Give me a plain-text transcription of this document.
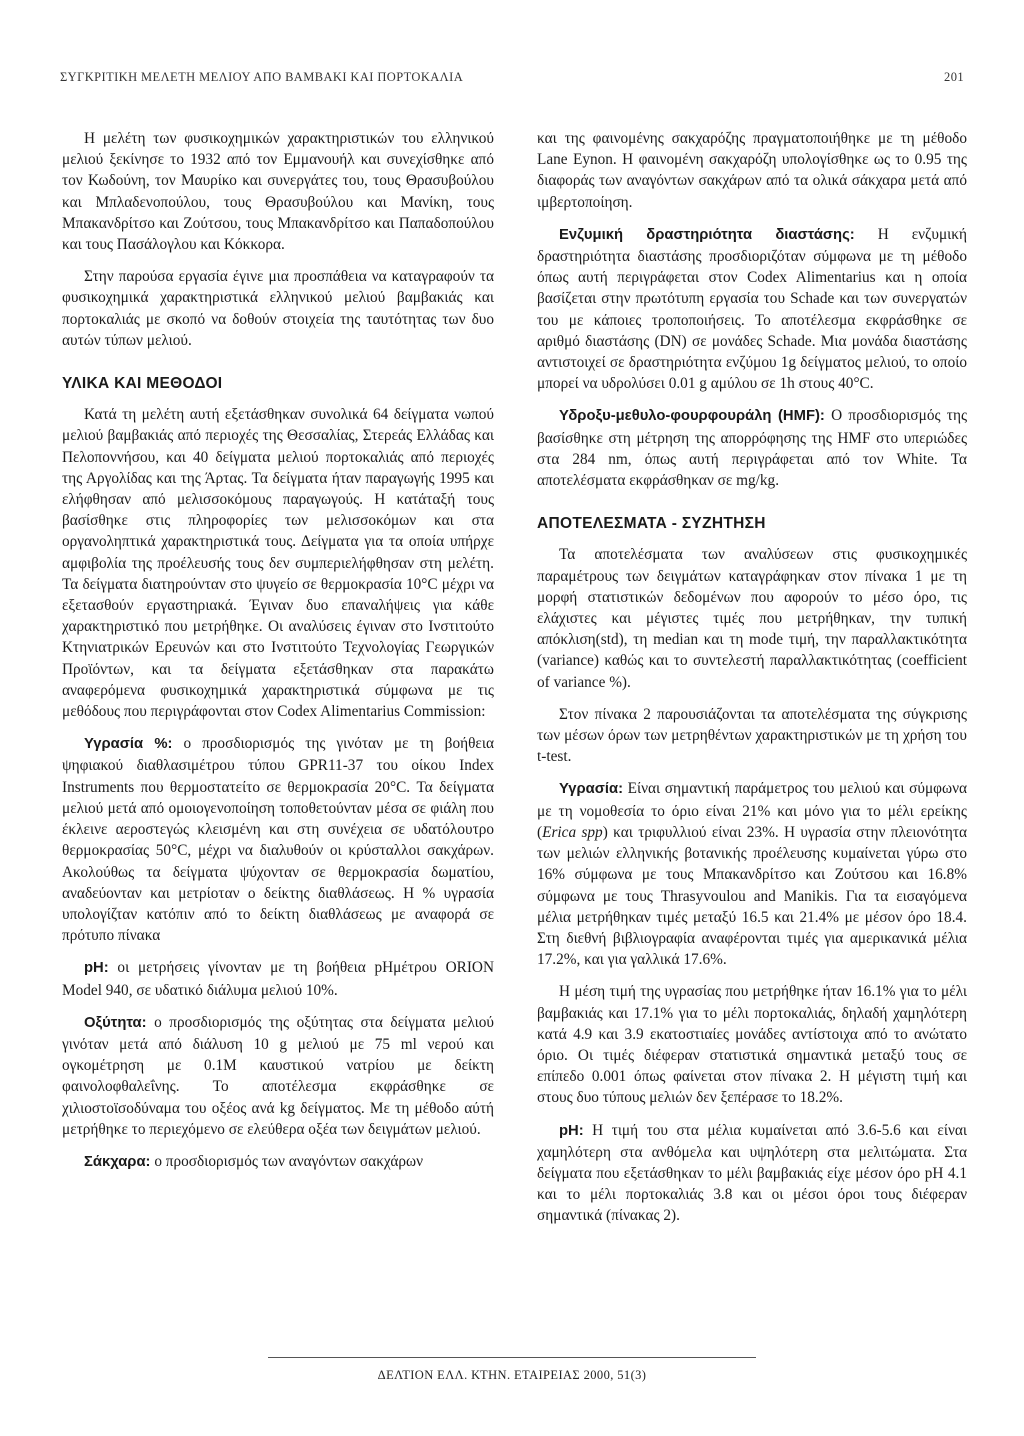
ΣΥΓΚΡΙΤΙΚΗ ΜΕΛΕΤΗ ΜΕΛΙΟΥ ΑΠΟ ΒΑΜΒΑΚΙ ΚΑΙ ΠΟΡΤΟΚΑΛΙΑ	201

Η μελέτη των φυσικοχημικών χαρακτηριστικών του ελληνικού μελιού ξεκίνησε το 1932 από τον Εμμανουήλ και συνεχίσθηκε από τον Κωδούνη, τον Μαυρίκο και συνεργάτες του, τους Θρασυβούλου και Μπλαδενοπούλου, τους Θρασυβούλου και Μανίκη, τους Μπακανδρίτσο και Ζούτσου, τους Μπακανδρίτσο και Παπαδοπούλου και τους Πασάλογλου και Κόκκορα.

Στην παρούσα εργασία έγινε μια προσπάθεια να καταγραφούν τα φυσικοχημικά χαρακτηριστικά ελληνικού μελιού βαμβακιάς και πορτοκαλιάς με σκοπό να δοθούν στοιχεία της ταυτότητας των δυο αυτών τύπων μελιού.

ΥΛΙΚΑ ΚΑΙ ΜΕΘΟΔΟΙ

Κατά τη μελέτη αυτή εξετάσθηκαν συνολικά 64 δείγματα νωπού μελιού βαμβακιάς από περιοχές της Θεσσαλίας, Στερεάς Ελλάδας και Πελοποννήσου, και 40 δείγματα μελιού πορτοκαλιάς από περιοχές της Αργολίδας και της Άρτας. Τα δείγματα ήταν παραγωγής 1995 και ελήφθησαν από μελισσοκόμους παραγωγούς. Η κατάταξή τους βασίσθηκε στις πληροφορίες των μελισσοκόμων και στα οργανοληπτικά χαρακτηριστικά τους. Δείγματα για τα οποία υπήρχε αμφιβολία της προέλευσής τους δεν συμπεριελήφθησαν στη μελέτη. Τα δείγματα διατηρούνταν στο ψυγείο σε θερμοκρασία 10°C μέχρι να εξετασθούν εργαστηριακά. Έγιναν δυο επαναλήψεις για κάθε χαρακτηριστικό που μετρήθηκε. Οι αναλύσεις έγιναν στο Ινστιτούτο Κτηνιατρικών Ερευνών και στο Ινστιτούτο Τεχνολογίας Γεωργικών Προϊόντων, και τα δείγματα εξετάσθηκαν στα παρακάτω αναφερόμενα φυσικοχημικά χαρακτηριστικά σύμφωνα με τις μεθόδους που περιγράφονται στον Codex Alimentarius Commission:

Υγρασία %: ο προσδιορισμός της γινόταν με τη βοήθεια ψηφιακού διαθλασιμέτρου τύπου GPR11-37 του οίκου Index Instruments που θερμοστατείτο σε θερμοκρασία 20°C. Τα δείγματα μελιού μετά από ομοιογενοποίηση τοποθετούνταν μέσα σε φιάλη που έκλεινε αεροστεγώς κλεισμένη και στη συνέχεια σε υδατόλουτρο θερμοκρασίας 50°C, μέχρι να διαλυθούν οι κρύσταλλοι σακχάρων. Ακολούθως τα δείγματα ψύχονταν σε θερμοκρασία δωματίου, αναδεύονταν και μετρίοταν ο δείκτης διαθλάσεως. Η % υγρασία υπολογίζταν κατόπιν από το δείκτη διαθλάσεως με αναφορά σε πρότυπο πίνακα

pH: οι μετρήσεις γίνονταν με τη βοήθεια pHμέτρου ORION Model 940, σε υδατικό διάλυμα μελιού 10%.

Οξύτητα: ο προσδιορισμός της οξύτητας στα δείγματα μελιού γινόταν μετά από διάλυση 10 g μελιού με 75 ml νερού και ογκομέτρηση με 0.1M καυστικού νατρίου με δείκτη φαινολοφθαλεΐνης. Το αποτέλεσμα εκφράσθηκε σε χιλιοστοϊσοδύναμα του οξέος ανά kg δείγματος. Με τη μέθοδο αύτή μετρήθηκε το περιεχόμενο σε ελεύθερα οξέα των δειγμάτων μελιού.

Σάκχαρα: ο προσδιορισμός των αναγόντων σακχάρων

και της φαινομένης σακχαρόζης πραγματοποιήθηκε με τη μέθοδο Lane Eynon. Η φαινομένη σακχαρόζη υπολογίσθηκε ως το 0.95 της διαφοράς των αναγόντων σακχάρων από τα ολικά σάκχαρα μετά από ιμβερτοποίηση.

Ενζυμική δραστηριότητα διαστάσης: Η ενζυμική δραστηριότητα διαστάσης προσδιοριζόταν σύμφωνα με τη μέθοδο όπως αυτή περιγράφεται στον Codex Alimentarius και η οποία βασίζεται στην πρωτότυπη εργασία του Schade και των συνεργατών του με κάποιες τροποποιήσεις. Το αποτέλεσμα εκφράσθηκε σε αριθμό διαστάσης (DN) σε μονάδες Schade. Μια μονάδα διαστάσης αντιστοιχεί σε δραστηριότητα ενζύμου 1g δείγματος μελιού, το οποίο μπορεί να υδρολύσει 0.01 g αμύλου σε 1h στους 40°C.

Υδροξυ-μεθυλο-φουρφουράλη (HMF): Ο προσδιορισμός της βασίσθηκε στη μέτρηση της απορρόφησης της HMF στο υπεριώδες στα 284 nm, όπως αυτή περιγράφεται από τον White. Τα αποτελέσματα εκφράσθηκαν σε mg/kg.

ΑΠΟΤΕΛΕΣΜΑΤΑ - ΣΥΖΗΤΗΣΗ

Τα αποτελέσματα των αναλύσεων στις φυσικοχημικές παραμέτρους των δειγμάτων καταγράφηκαν στον πίνακα 1 με τη μορφή στατιστικών δεδομένων που αφορούν το μέσο όρο, τις ελάχιστες και μέγιστες τιμές που μετρήθηκαν, την τυπική απόκλιση(std), τη median και τη mode τιμή, την παραλλακτικότητα (variance) καθώς και το συντελεστή παραλλακτικότητας (coefficient of variance %).

Στον πίνακα 2 παρουσιάζονται τα αποτελέσματα της σύγκρισης των μέσων όρων των μετρηθέντων χαρακτηριστικών με τη χρήση του t-test.

Υγρασία: Είναι σημαντική παράμετρος του μελιού και σύμφωνα με τη νομοθεσία το όριο είναι 21% και μόνο για το μέλι ερείκης (Erica spp) και τριφυλλιού είναι 23%. Η υγρασία στην πλειονότητα των μελιών ελληνικής βοτανικής προέλευσης κυμαίνεται γύρω στο 16% σύμφωνα με τους Μπακανδρίτσο και Ζούτσου και 16.8% σύμφωνα με τους Thrasyvoulou and Manikis. Για τα εισαγόμενα μέλια μετρήθηκαν τιμές μεταξύ 16.5 και 21.4% με μέσον όρο 18.4. Στη διεθνή βιβλιογραφία αναφέρονται τιμές για αμερικανικά μέλια 17.2%, και για γαλλικά 17.6%.

Η μέση τιμή της υγρασίας που μετρήθηκε ήταν 16.1% για το μέλι βαμβακιάς και 17.1% για το μέλι πορτοκαλιάς, δηλαδή χαμηλότερη κατά 4.9 και 3.9 εκατοστιαίες μονάδες αντίστοιχα από το ανώτατο όριο. Οι τιμές διέφεραν στατιστικά σημαντικά μεταξύ τους σε επίπεδο 0.001 όπως φαίνεται στον πίνακα 2. Η μέγιστη τιμή και στους δυο τύπους μελιών δεν ξεπέρασε το 18.2%.

pH: Η τιμή του στα μέλια κυμαίνεται από 3.6-5.6 και είναι χαμηλότερη στα ανθόμελα και υψηλότερη στα μελιτώματα. Στα δείγματα που εξετάσθηκαν το μέλι βαμβακιάς είχε μέσον όρο pH 4.1 και το μέλι πορτοκαλιάς 3.8 και οι μέσοι όροι τους διέφεραν σημαντικά (πίνακας 2).

ΔΕΛΤΙΟΝ ΕΛΛ. ΚΤΗΝ. ΕΤΑΙΡΕΙΑΣ 2000, 51(3)
